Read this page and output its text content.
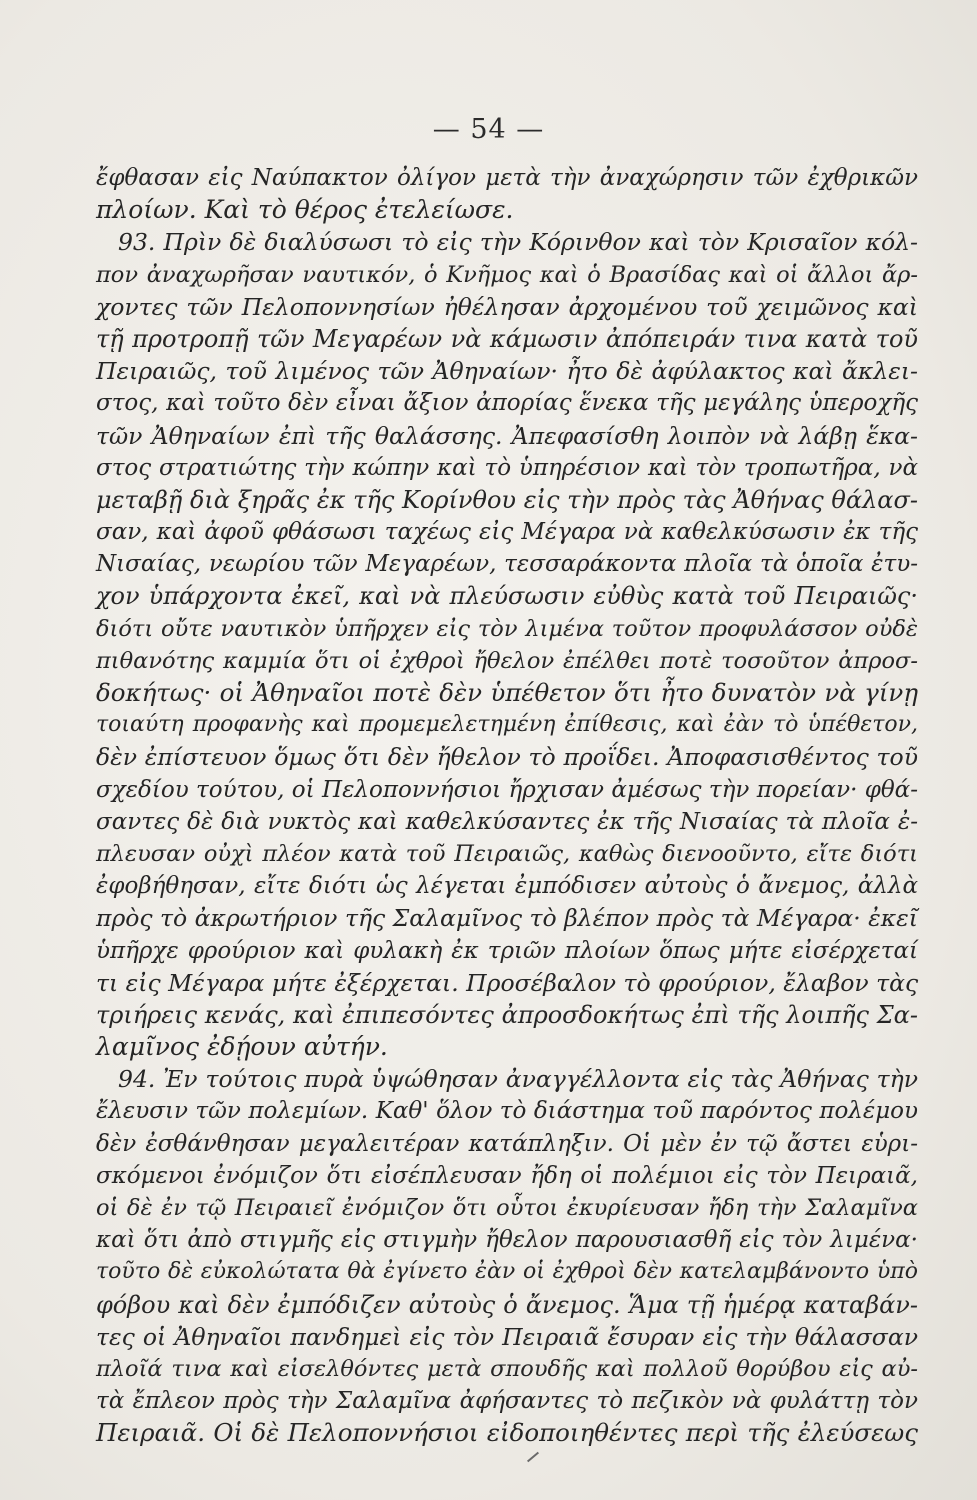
— 54 —
ἔφθασαν εἰς Ναύπακτον ὀλίγον μετὰ τὴν ἀναχώρησιν τῶν ἐχθρικῶν
πλοίων. Καὶ τὸ θέρος ἐτελείωσε.
93. Πρὶν δὲ διαλύσωσι τὸ εἰς τὴν Κόρινθον καὶ τὸν Κρισαῖον κόλ-
πον ἀναχωρῆσαν ναυτικόν, ὁ Κνῆμος καὶ ὁ Βρασίδας καὶ οἱ ἄλλοι ἄρ-
χοντες τῶν Πελοποννησίων ἠθέλησαν ἀρχομένου τοῦ χειμῶνος καὶ
τῇ προτροπῇ τῶν Μεγαρέων νὰ κάμωσιν ἀπόπειράν τινα κατὰ τοῦ
Πειραιῶς, τοῦ λιμένος τῶν Ἀθηναίων· ἦτο δὲ ἀφύλακτος καὶ ἄκλει-
στος, καὶ τοῦτο δὲν εἶναι ἄξιον ἀπορίας ἕνεκα τῆς μεγάλης ὑπεροχῆς
τῶν Ἀθηναίων ἐπὶ τῆς θαλάσσης. Ἀπεφασίσθη λοιπὸν νὰ λάβῃ ἕκα-
στος στρατιώτης τὴν κώπην καὶ τὸ ὑπηρέσιον καὶ τὸν τροπωτῆρα, νὰ
μεταβῇ διὰ ξηρᾶς ἐκ τῆς Κορίνθου εἰς τὴν πρὸς τὰς Ἀθήνας θάλασ-
σαν, καὶ ἀφοῦ φθάσωσι ταχέως εἰς Μέγαρα νὰ καθελκύσωσιν ἐκ τῆς
Νισαίας, νεωρίου τῶν Μεγαρέων, τεσσαράκοντα πλοῖα τὰ ὁποῖα ἐτυ-
χον ὑπάρχοντα ἐκεῖ, καὶ νὰ πλεύσωσιν εὐθὺς κατὰ τοῦ Πειραιῶς·
διότι οὔτε ναυτικὸν ὑπῆρχεν εἰς τὸν λιμένα τοῦτον προφυλάσσον οὐδὲ
πιθανότης καμμία ὅτι οἱ ἐχθροὶ ἤθελον ἐπέλθει ποτὲ τοσοῦτον ἀπροσ-
δοκήτως· οἱ Ἀθηναῖοι ποτὲ δὲν ὑπέθετον ὅτι ἦτο δυνατὸν νὰ γίνῃ
τοιαύτη προφανὴς καὶ προμεμελετημένη ἐπίθεσις, καὶ ἐὰν τὸ ὑπέθετον,
δὲν ἐπίστευον ὅμως ὅτι δὲν ἤθελον τὸ προΐδει. Ἀποφασισθέντος τοῦ
σχεδίου τούτου, οἱ Πελοποννήσιοι ἤρχισαν ἀμέσως τὴν πορείαν· φθά-
σαντες δὲ διὰ νυκτὸς καὶ καθελκύσαντες ἐκ τῆς Νισαίας τὰ πλοῖα ἐ-
πλευσαν οὐχὶ πλέον κατὰ τοῦ Πειραιῶς, καθὼς διενοοῦντο, εἴτε διότι
ἐφοβήθησαν, εἴτε διότι ὡς λέγεται ἐμπόδισεν αὐτοὺς ὁ ἄνεμος, ἀλλὰ
πρὸς τὸ ἀκρωτήριον τῆς Σαλαμῖνος τὸ βλέπον πρὸς τὰ Μέγαρα· ἐκεῖ
ὑπῆρχε φρούριον καὶ φυλακὴ ἐκ τριῶν πλοίων ὅπως μήτε εἰσέρχεταί
τι εἰς Μέγαρα μήτε ἐξέρχεται. Προσέβαλον τὸ φρούριον, ἔλαβον τὰς
τριήρεις κενάς, καὶ ἐπιπεσόντες ἀπροσδοκήτως ἐπὶ τῆς λοιπῆς Σα-
λαμῖνος ἐδῄουν αὐτήν.
94. Ἐν τούτοις πυρὰ ὑψώθησαν ἀναγγέλλοντα εἰς τὰς Ἀθήνας τὴν
ἔλευσιν τῶν πολεμίων. Καθ' ὅλον τὸ διάστημα τοῦ παρόντος πολέμου
δὲν ἐσθάνθησαν μεγαλειτέραν κατάπληξιν. Οἱ μὲν ἐν τῷ ἄστει εὑρι-
σκόμενοι ἐνόμιζον ὅτι εἰσέπλευσαν ἤδη οἱ πολέμιοι εἰς τὸν Πειραιᾶ,
οἱ δὲ ἐν τῷ Πειραιεῖ ἐνόμιζον ὅτι οὗτοι ἐκυρίευσαν ἤδη τὴν Σαλαμῖνα
καὶ ὅτι ἀπὸ στιγμῆς εἰς στιγμὴν ἤθελον παρουσιασθῆ εἰς τὸν λιμένα·
τοῦτο δὲ εὐκολώτατα θὰ ἐγίνετο ἐὰν οἱ ἐχθροὶ δὲν κατελαμβάνοντο ὑπὸ
φόβου καὶ δὲν ἐμπόδιζεν αὐτοὺς ὁ ἄνεμος. Ἅμα τῇ ἡμέρᾳ καταβάν-
τες οἱ Ἀθηναῖοι πανδημεὶ εἰς τὸν Πειραιᾶ ἔσυραν εἰς τὴν θάλασσαν
πλοῖά τινα καὶ εἰσελθόντες μετὰ σπουδῆς καὶ πολλοῦ θορύβου εἰς αὐ-
τὰ ἔπλεον πρὸς τὴν Σαλαμῖνα ἀφήσαντες τὸ πεζικὸν νὰ φυλάττῃ τὸν
Πειραιᾶ. Οἱ δὲ Πελοποννήσιοι εἰδοποιηθέντες περὶ τῆς ἐλεύσεως
